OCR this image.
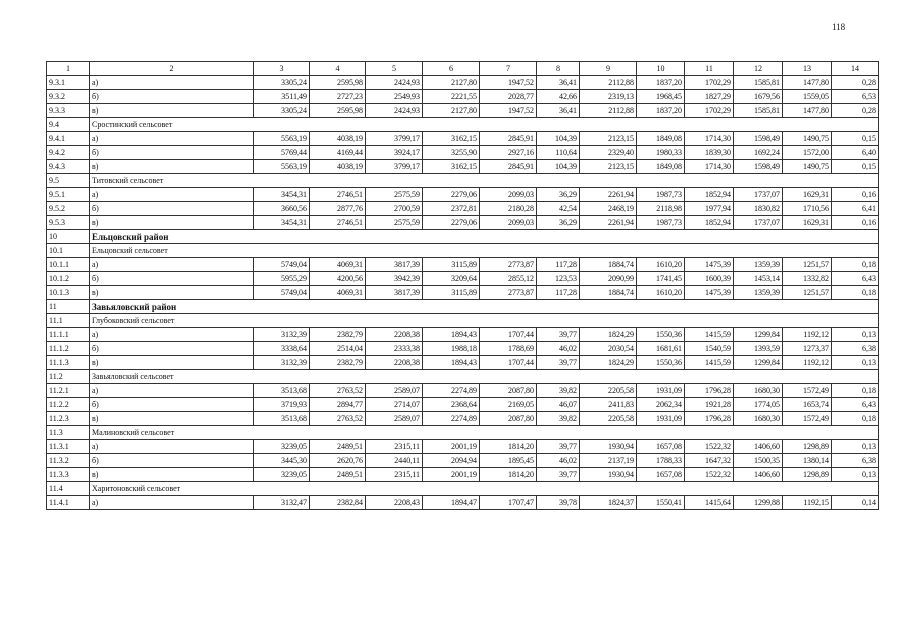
118
1	2	3	4	5	6	7	8	9	10	11	12	13	14
9.3.1	а)	3305,24	2595,98	2424,93	2127,80	1947,52	36,41	2112,88	1837,20	1702,29	1585,81	1477,80	0,28
9.3.2	б)	3511,49	2727,23	2549,93	2221,55	2028,77	42,66	2319,13	1968,45	1827,29	1679,56	1559,05	6,53
9.3.3	в)	3305,24	2595,98	2424,93	2127,80	1947,52	36,41	2112,88	1837,20	1702,29	1585,81	1477,80	0,28
9.4	Сростинский сельсовет												
9.4.1	а)	5563,19	4038,19	3799,17	3162,15	2845,91	104,39	2123,15	1849,08	1714,30	1598,49	1490,75	0,15
9.4.2	б)	5769,44	4169,44	3924,17	3255,90	2927,16	110,64	2329,40	1980,33	1839,30	1692,24	1572,00	6,40
9.4.3	в)	5563,19	4038,19	3799,17	3162,15	2845,91	104,39	2123,15	1849,08	1714,30	1598,49	1490,75	0,15
9.5	Титовский сельсовет												
9.5.1	а)	3454,31	2746,51	2575,59	2279,06	2099,03	36,29	2261,94	1987,73	1852,94	1737,07	1629,31	0,16
9.5.2	б)	3660,56	2877,76	2700,59	2372,81	2180,28	42,54	2468,19	2118,98	1977,94	1830,82	1710,56	6,41
9.5.3	в)	3454,31	2746,51	2575,59	2279,06	2099,03	36,29	2261,94	1987,73	1852,94	1737,07	1629,31	0,16
10	Ельцовский район												
10.1	Ельцовский сельсовет												
10.1.1	а)	5749,04	4069,31	3817,39	3115,89	2773,87	117,28	1884,74	1610,20	1475,39	1359,39	1251,57	0,18
10.1.2	б)	5955,29	4200,56	3942,39	3209,64	2855,12	123,53	2090,99	1741,45	1600,39	1453,14	1332,82	6,43
10.1.3	в)	5749,04	4069,31	3817,39	3115,89	2773,87	117,28	1884,74	1610,20	1475,39	1359,39	1251,57	0,18
11	Завьяловский район												
11.1	Глубоковский сельсовет												
11.1.1	а)	3132,39	2382,79	2208,38	1894,43	1707,44	39,77	1824,29	1550,36	1415,59	1299,84	1192,12	0,13
11.1.2	б)	3338,64	2514,04	2333,38	1988,18	1788,69	46,02	2030,54	1681,61	1540,59	1393,59	1273,37	6,38
11.1.3	в)	3132,39	2382,79	2208,38	1894,43	1707,44	39,77	1824,29	1550,36	1415,59	1299,84	1192,12	0,13
11.2	Завьяловский сельсовет												
11.2.1	а)	3513,68	2763,52	2589,07	2274,89	2087,80	39,82	2205,58	1931,09	1796,28	1680,30	1572,49	0,18
11.2.2	б)	3719,93	2894,77	2714,07	2368,64	2169,05	46,07	2411,83	2062,34	1921,28	1774,05	1653,74	6,43
11.2.3	в)	3513,68	2763,52	2589,07	2274,89	2087,80	39,82	2205,58	1931,09	1796,28	1680,30	1572,49	0,18
11.3	Малиновский сельсовет												
11.3.1	а)	3239,05	2489,51	2315,11	2001,19	1814,20	39,77	1930,94	1657,08	1522,32	1406,60	1298,89	0,13
11.3.2	б)	3445,30	2620,76	2440,11	2094,94	1895,45	46,02	2137,19	1788,33	1647,32	1500,35	1380,14	6,38
11.3.3	в)	3239,05	2489,51	2315,11	2001,19	1814,20	39,77	1930,94	1657,08	1522,32	1406,60	1298,89	0,13
11.4	Харитоновский сельсовет												
11.4.1	а)	3132,47	2382,84	2208,43	1894,47	1707,47	39,78	1824,37	1550,41	1415,64	1299,88	1192,15	0,14
